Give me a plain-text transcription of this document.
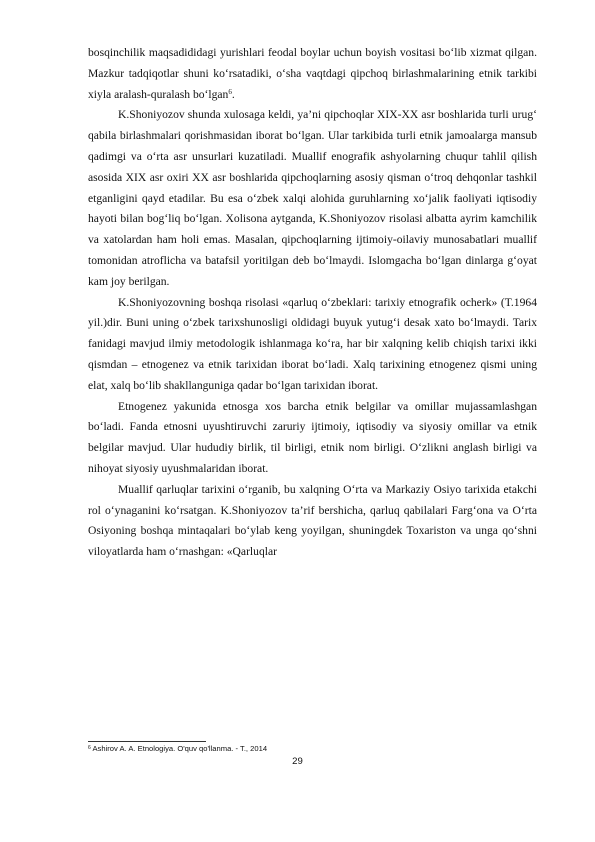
bosqinchilik maqsadididagi yurishlari feodal boylar uchun boyish vositasi bo‘lib xizmat qilgan. Mazkur tadqiqotlar shuni ko‘rsatadiki, o‘sha vaqtdagi qipchoq birlashmalarining etnik tarkibi xiyla aralash-quralash bo‘lgan$^6$.

K.Shoniyozov shunda xulosaga keldi, ya’ni qipchoqlar XIX-XX asr boshlarida turli urug‘ qabila birlashmalari qorishmasidan iborat bo‘lgan. Ular tarkibida turli etnik jamoalarga mansub qadimgi va o‘rta asr unsurlari kuzatiladi. Muallif enografik ashyolarning chuqur tahlil qilish asosida XIX asr oxiri XX asr boshlarida qipchoqlarning asosiy qisman o‘troq dehqonlar tashkil etganligini qayd etadilar. Bu esa o‘zbek xalqi alohida guruhlarning xo‘jalik faoliyati iqtisodiy hayoti bilan bog‘liq bo‘lgan. Xolisona aytganda, K.Shoniyozov risolasi albatta ayrim kamchilik va xatolardan ham holi emas. Masalan, qipchoqlarning ijtimoiy-oilaviy munosabatlari muallif tomonidan atroflicha va batafsil yoritilgan deb bo‘lmaydi. Islomgacha bo‘lgan dinlarga g‘oyat kam joy berilgan.

K.Shoniyozovning boshqa risolasi «qarluq o‘zbeklari: tarixiy etnografik ocherk» (T.1964 yil.)dir. Buni uning o‘zbek tarixshunosligi oldidagi buyuk yutug‘i desak xato bo‘lmaydi. Tarix fanidagi mavjud ilmiy metodologik ishlanmaga ko‘ra, har bir xalqning kelib chiqish tarixi ikki qismdan – etnogenez va etnik tarixidan iborat bo‘ladi. Xalq tarixining etnogenez qismi uning elat, xalq bo‘lib shakllanguniga qadar bo‘lgan tarixidan iborat.

Etnogenez yakunida etnosga xos barcha etnik belgilar va omillar mujassamlashgan bo‘ladi. Fanda etnosni uyushtiruvchi zaruriy ijtimoiy, iqtisodiy va siyosiy omillar va etnik belgilar mavjud. Ular hududiy birlik, til birligi, etnik nom birligi. O‘zlikni anglash birligi va nihoyat siyosiy uyushmalaridan iborat.

Muallif qarluqlar tarixini o‘rganib, bu xalqning O‘rta va Markaziy Osiyo tarixida etakchi rol o‘ynaganini ko‘rsatgan. K.Shoniyozov ta’rif bershicha, qarluq qabilalari Farg‘ona va O‘rta Osiyoning boshqa mintaqalari bo‘ylab keng yoyilgan, shuningdek Toxariston va unga qo‘shni viloyatlarda ham o‘rnashgan: «Qarluqlar

$^6$ Ashirov A. A. Etnologiya. O'quv qo'llanma. - T., 2014
29
